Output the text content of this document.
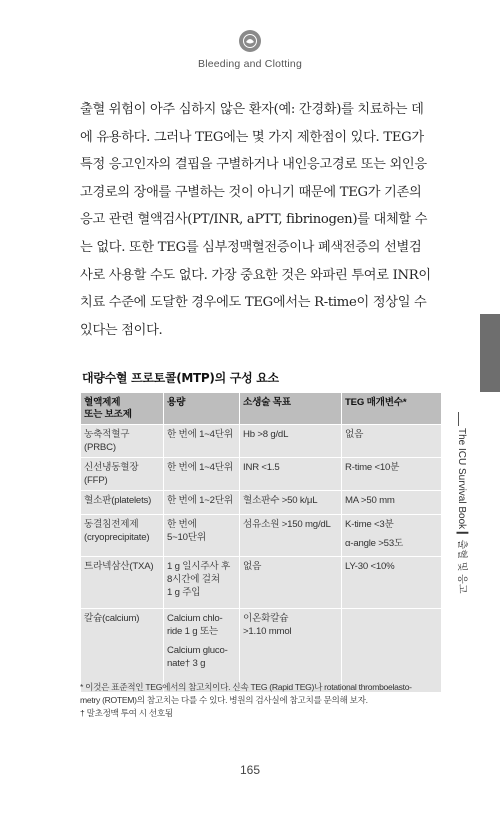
Bleeding and Clotting
출혈 위험이 아주 심하지 않은 환자(예: 간경화)를 치료하는 데
에 유용하다. 그러나 TEG에는 몇 가지 제한점이 있다. TEG가
특정 응고인자의 결핍을 구별하거나 내인응고경로 또는 외인응
고경로의 장애를 구별하는 것이 아니기 때문에 TEG가 기존의
응고 관련 혈액검사(PT/INR, aPTT, fibrinogen)를 대체할 수
는 없다. 또한 TEG를 심부정맥혈전증이나 폐색전증의 선별검
사로 사용할 수도 없다. 가장 중요한 것은 와파린 투여로 INR이
치료 수준에 도달한 경우에도 TEG에서는 R-time이 정상일 수
있다는 점이다.
대량수혈 프로토콜(MTP)의 구성 요소
혈액제제
또는 보조제	용량	소생술 목표	TEG 매개변수*
농축적혈구(PRBC)	한 번에 1~4단위	Hb >8 g/dL	없음
신선냉동혈장(FFP)	한 번에 1~4단위	INR <1.5	R-time <10분
혈소판(platelets)	한 번에 1~2단위	혈소판수 >50 k/μL	MA >50 mm
동결침전제제
(cryoprecipitate)	한 번에
5~10단위	섬유소원 >150 mg/dL	K-time <3분
α-angle >53도

트라넥삼산(TXA)	1 g 일시주사 후
8시간에 걸쳐
1 g 주입	없음	LY-30 <10%
칼슘(calcium)	Calcium chlo-
ride 1 g 또는
Calcium gluco-
nate† 3 g	이온화칼슘
>1.10 mmol	
* 이것은 표준적인 TEG에서의 참고치이다. 신속 TEG (Rapid TEG)나 rotational thromboelasto-
metry (ROTEM)의 참고치는 다를 수 있다. 병원의 검사실에 참고치를 문의해 보자.
† 말초정맥 투여 시 선호됨
165
The ICU Survival Book ▎출혈 및 응고
